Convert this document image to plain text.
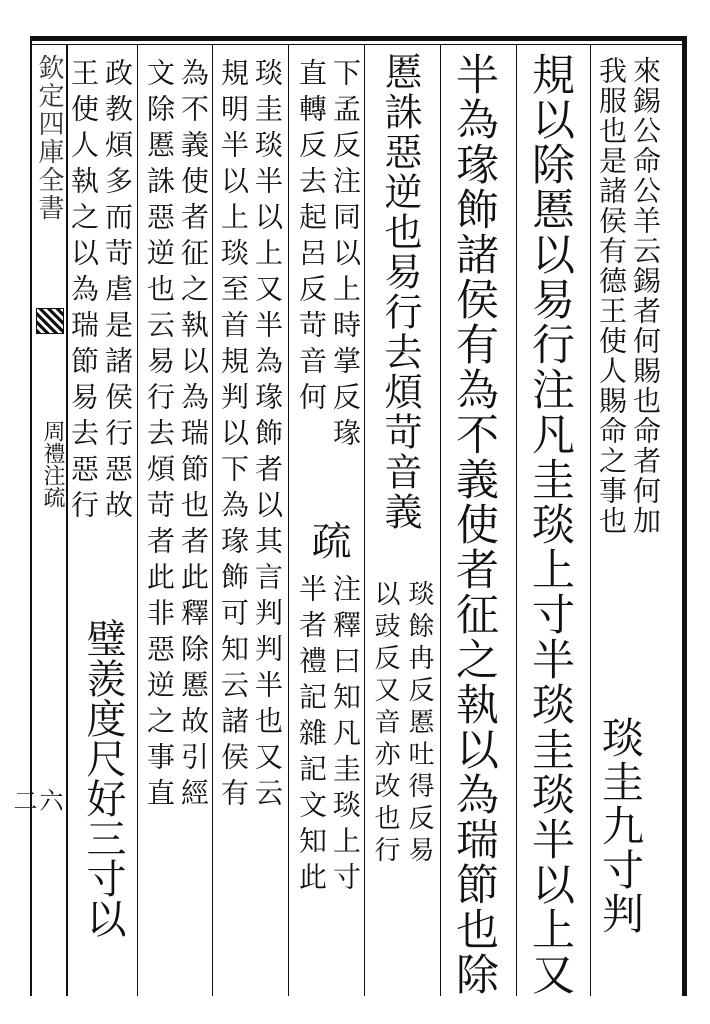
欽定四庫全書
周禮注疏
六二
來錫公命公羊云錫者何賜也命者何加
我服也是諸侯有德王使人賜命之事也
琰圭九寸判
規以除慝以易行注凡圭琰上寸半琰圭琰半以上又
半為瑑飾諸侯有為不義使者征之執以為瑞節也除
慝誅惡逆也易行去煩苛音義
琰餘冉反慝吐得反易
以豉反又音亦改也行
下孟反注同以上時掌反瑑
直轉反去起呂反苛音何
疏
注釋曰知凡圭琰上寸
半者禮記雜記文知此
琰圭琰半以上又半為瑑飾者以其言判判半也又云
規明半以上琰至首規判以下為瑑飾可知云諸侯有
為不義使者征之執以為瑞節也者此釋除慝故引經
文除慝誅惡逆也云易行去煩苛者此非惡逆之事直
政教煩多而苛虐是諸侯行惡故
王使人執之以為瑞節易去惡行
璧羨度尺好三寸以
